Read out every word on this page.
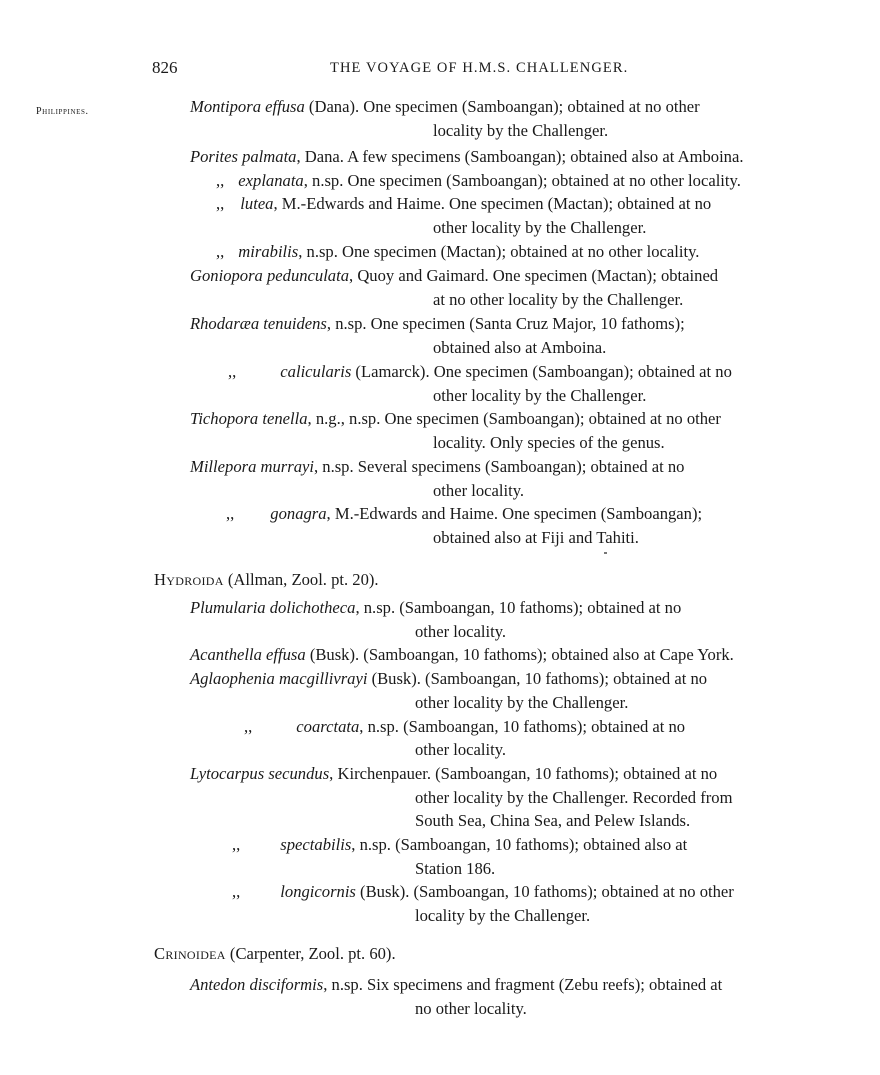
826	THE VOYAGE OF H.M.S. CHALLENGER.
Philippines.	Montipora effusa (Dana). One specimen (Samboangan); obtained at no other
locality by the Challenger.
Porites palmata, Dana. A few specimens (Samboangan); obtained also at Amboina.
,, explanata, n.sp. One specimen (Samboangan); obtained at no other locality.
,, lutea, M.-Edwards and Haime. One specimen (Mactan); obtained at no
other locality by the Challenger.
,, mirabilis, n.sp. One specimen (Mactan); obtained at no other locality.
Goniopora pedunculata, Quoy and Gaimard. One specimen (Mactan); obtained
at no other locality by the Challenger.
Rhodaræa tenuidens, n.sp. One specimen (Santa Cruz Major, 10 fathoms);
obtained also at Amboina.
,,	calicularis (Lamarck). One specimen (Samboangan); obtained at no
other locality by the Challenger.
Tichopora tenella, n.g., n.sp. One specimen (Samboangan); obtained at no other
locality. Only species of the genus.
Millepora murrayi, n.sp. Several specimens (Samboangan); obtained at no
other locality.
,, gonagra, M.-Edwards and Haime. One specimen (Samboangan);
obtained also at Fiji and Tahiti.
Hydroida (Allman, Zool. pt. 20).
Plumularia dolichotheca, n.sp. (Samboangan, 10 fathoms); obtained at no
other locality.
Acanthella effusa (Busk). (Samboangan, 10 fathoms); obtained also at Cape York.
Aglaophenia macgillivrayi (Busk). (Samboangan, 10 fathoms); obtained at no
other locality by the Challenger.
,,	coarctata, n.sp. (Samboangan, 10 fathoms); obtained at no
other locality.
Lytocarpus secundus, Kirchenpauer. (Samboangan, 10 fathoms); obtained at no
other locality by the Challenger. Recorded from
South Sea, China Sea, and Pelew Islands.
,, spectabilis, n.sp. (Samboangan, 10 fathoms); obtained also at
Station 186.
,, longicornis (Busk). (Samboangan, 10 fathoms); obtained at no other
locality by the Challenger.
Crinoidea (Carpenter, Zool. pt. 60).
Antedon disciformis, n.sp. Six specimens and fragment (Zebu reefs); obtained at
no other locality.
